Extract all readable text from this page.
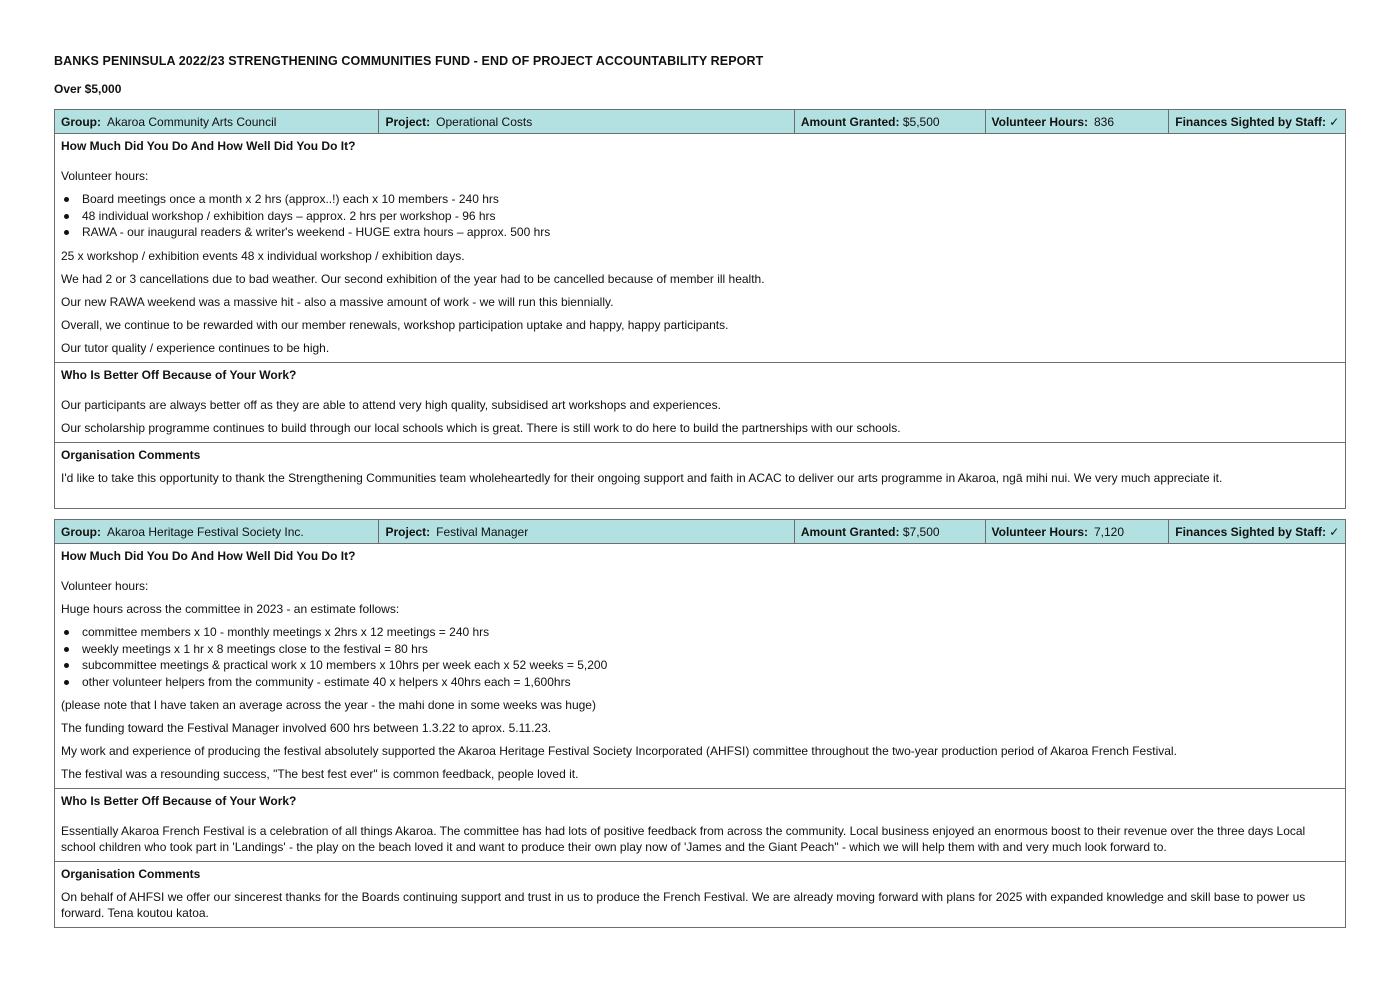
BANKS PENINSULA 2022/23 STRENGTHENING COMMUNITIES FUND - END OF PROJECT ACCOUNTABILITY REPORT
Over $5,000
Group: Akaroa Community Arts Council	Project: Operational Costs	Amount Granted: $5,500	Volunteer Hours: 836	Finances Sighted by Staff: ✓
How Much Did You Do And How Well Did You Do It?

Volunteer hours:

Board meetings once a month x 2 hrs (approx..!) each x 10 members - 240 hrs
48 individual workshop / exhibition days – approx. 2 hrs per workshop - 96 hrs
RAWA - our inaugural readers & writer's weekend - HUGE extra hours – approx. 500 hrs

25 x workshop / exhibition events 48 x individual workshop / exhibition days.

We had 2 or 3 cancellations due to bad weather. Our second exhibition of the year had to be cancelled because of member ill health.

Our new RAWA weekend was a massive hit - also a massive amount of work - we will run this biennially.

Overall, we continue to be rewarded with our member renewals, workshop participation uptake and happy, happy participants.

Our tutor quality / experience continues to be high.

Who Is Better Off Because of Your Work?

Our participants are always better off as they are able to attend very high quality, subsidised art workshops and experiences.

Our scholarship programme continues to build through our local schools which is great. There is still work to do here to build the partnerships with our schools.

Organisation Comments

I'd like to take this opportunity to thank the Strengthening Communities team wholeheartedly for their ongoing support and faith in ACAC to deliver our arts programme in Akaroa, ngā mihi nui. We very much appreciate it.

Group: Akaroa Heritage Festival Society Inc.	Project: Festival Manager	Amount Granted: $7,500	Volunteer Hours: 7,120	Finances Sighted by Staff: ✓
How Much Did You Do And How Well Did You Do It?

Volunteer hours:

Huge hours across the committee in 2023 - an estimate follows:

committee members x 10 - monthly meetings x 2hrs x 12 meetings = 240 hrs
weekly meetings x 1 hr x 8 meetings close to the festival = 80 hrs
subcommittee meetings & practical work x 10 members x 10hrs per week each x 52 weeks = 5,200
other volunteer helpers from the community - estimate 40 x helpers x 40hrs each = 1,600hrs

(please note that I have taken an average across the year - the mahi done in some weeks was huge)

The funding toward the Festival Manager involved 600 hrs between 1.3.22 to aprox. 5.11.23.

My work and experience of producing the festival absolutely supported the Akaroa Heritage Festival Society Incorporated (AHFSI) committee throughout the two-year production period of Akaroa French Festival.

The festival was a resounding success, "The best fest ever" is common feedback, people loved it.

Who Is Better Off Because of Your Work?

Essentially Akaroa French Festival is a celebration of all things Akaroa. The committee has had lots of positive feedback from across the community. Local business enjoyed an enormous boost to their revenue over the three days Local school children who took part in 'Landings' - the play on the beach loved it and want to produce their own play now of 'James and the Giant Peach" - which we will help them with and very much look forward to.

Organisation Comments

On behalf of AHFSI we offer our sincerest thanks for the Boards continuing support and trust in us to produce the French Festival. We are already moving forward with plans for 2025 with expanded knowledge and skill base to power us forward. Tena koutou katoa.
